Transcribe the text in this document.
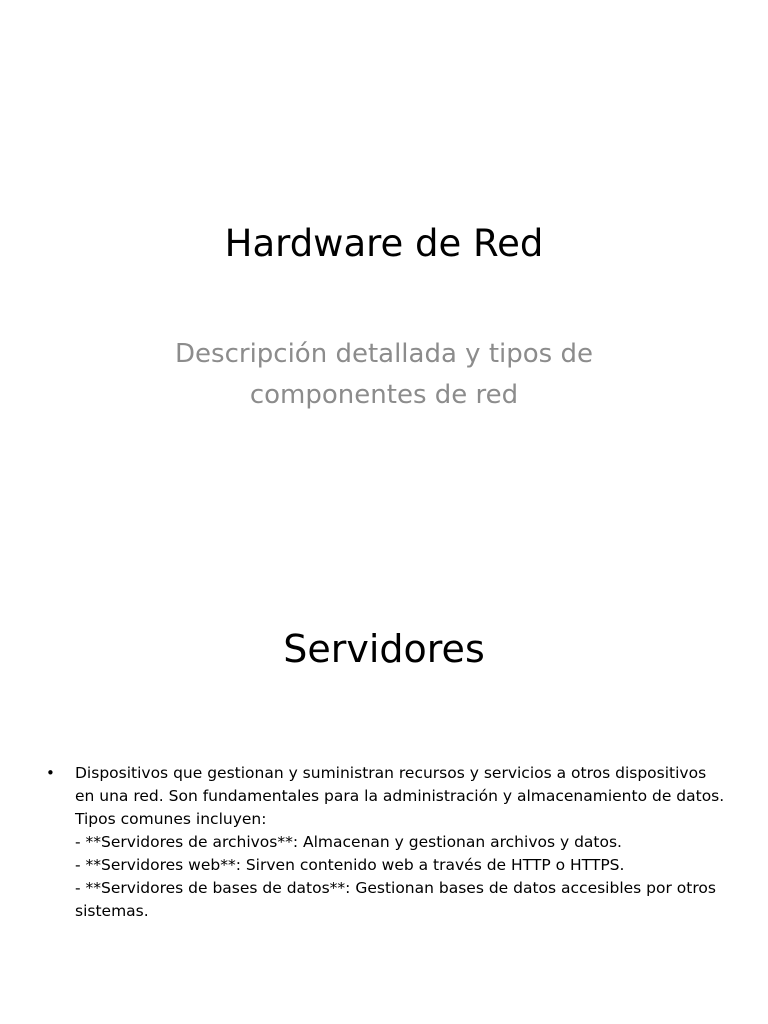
Hardware de Red
Descripción detallada y tipos de
componentes de red
Servidores
• Dispositivos que gestionan y suministran recursos y servicios a otros dispositivos
en una red. Son fundamentales para la administración y almacenamiento de datos.
Tipos comunes incluyen:
- **Servidores de archivos**: Almacenan y gestionan archivos y datos.
- **Servidores web**: Sirven contenido web a través de HTTP o HTTPS.
- **Servidores de bases de datos**: Gestionan bases de datos accesibles por otros
sistemas.
